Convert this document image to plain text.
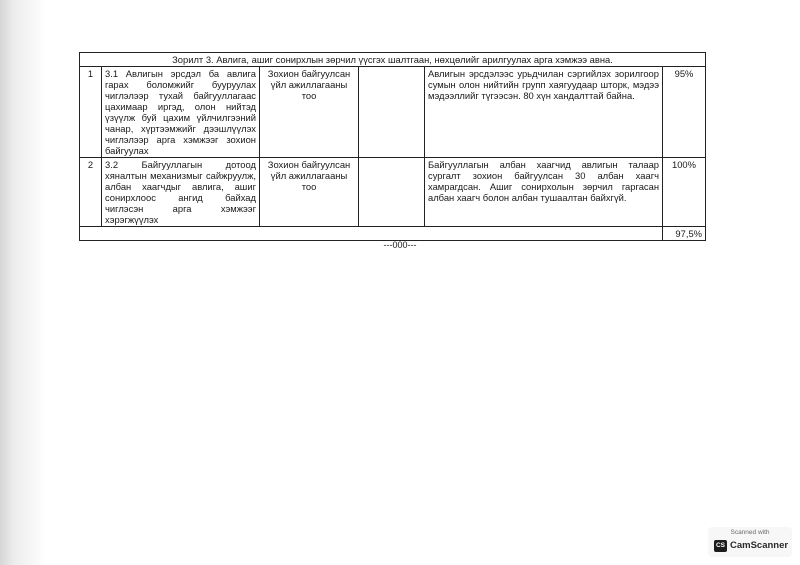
Зорилт 3. Авлига, ашиг сонирхлын зөрчил үүсгэх шалтгаан, нөхцөлийг арилгуулах арга хэмжээ авна.					
1	3.1 Авлигын эрсдэл ба авлига гарах боломжийг бууруулах чиглэлээр тухай байгууллагаас цахимаар иргэд, олон нийтэд үзүүлж буй цахим үйлчилгээний чанар, хүртээмжийг дээшлүүлэх чиглэлээр арга хэмжээг зохион байгуулах	Зохион байгуулсан үйл ажиллагааны тоо		Авлигын эрсдэлээс урьдчилан сэргийлэх зорилгоор сумын олон нийтийн групп хаягуудаар шторк, мэдээ мэдээллийг түгээсэн. 80 хүн хандалттай байна.	95%
2	3.2 Байгууллагын дотоод хяналтын механизмыг сайжруулж, албан хаагчдыг авлига, ашиг сонирхлоос ангид байхад чиглэсэн арга хэмжээг хэрэгжүүлэх	Зохион байгуулсан үйл ажиллагааны тоо		Байгууллагын албан хаагчид авлигын талаар сургалт зохион байгуулсан 30 албан хаагч хамрагдсан. Ашиг сонирхолын зөрчил гаргасан албан хаагч болон албан тушаалтан байхгүй.	100%
					97,5%
---000---
Scanned with
CS CamScanner
